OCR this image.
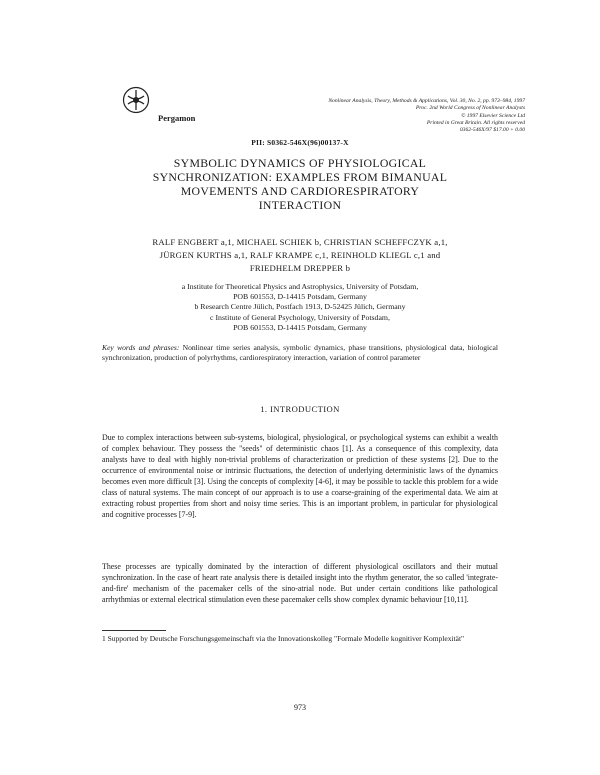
Pergamon
Nonlinear Analysis, Theory, Methods & Applications, Vol. 30, No. 2, pp. 973–984, 1997
Proc. 2nd World Congress of Nonlinear Analysts
© 1997 Elsevier Science Ltd
Printed in Great Britain. All rights reserved
0362-546X/97 $17.00 + 0.00
PII: S0362-546X(96)00137-X
SYMBOLIC DYNAMICS OF PHYSIOLOGICAL
SYNCHRONIZATION: EXAMPLES FROM BIMANUAL
MOVEMENTS AND CARDIORESPIRATORY
INTERACTION
RALF ENGBERT a,1, MICHAEL SCHIEK b, CHRISTIAN SCHEFFCZYK a,1,
JÜRGEN KURTHS a,1, RALF KRAMPE c,1, REINHOLD KLIEGL c,1 and
FRIEDHELM DREPPER b
a Institute for Theoretical Physics and Astrophysics, University of Potsdam,
POB 601553, D-14415 Potsdam, Germany
b Research Centre Jülich, Postfach 1913, D-52425 Jülich, Germany
c Institute of General Psychology, University of Potsdam,
POB 601553, D-14415 Potsdam, Germany
Key words and phrases: Nonlinear time series analysis, symbolic dynamics, phase transitions, physiological data, biological synchronization, production of polyrhythms, cardiorespiratory interaction, variation of control parameter
1. INTRODUCTION
Due to complex interactions between sub-systems, biological, physiological, or psychological systems can exhibit a wealth of complex behaviour. They possess the "seeds" of deterministic chaos [1]. As a consequence of this complexity, data analysts have to deal with highly non-trivial problems of characterization or prediction of these systems [2]. Due to the occurrence of environmental noise or intrinsic fluctuations, the detection of underlying deterministic laws of the dynamics becomes even more difficult [3]. Using the concepts of complexity [4-6], it may be possible to tackle this problem for a wide class of natural systems. The main concept of our approach is to use a coarse-graining of the experimental data. We aim at extracting robust properties from short and noisy time series. This is an important problem, in particular for physiological and cognitive processes [7-9].
These processes are typically dominated by the interaction of different physiological oscillators and their mutual synchronization. In the case of heart rate analysis there is detailed insight into the rhythm generator, the so called 'integrate-and-fire' mechanism of the pacemaker cells of the sino-atrial node. But under certain conditions like pathological arrhythmias or external electrical stimulation even these pacemaker cells show complex dynamic behaviour [10,11].
1 Supported by Deutsche Forschungsgemeinschaft via the Innovationskolleg "Formale Modelle kognitiver Komplexität"
973
